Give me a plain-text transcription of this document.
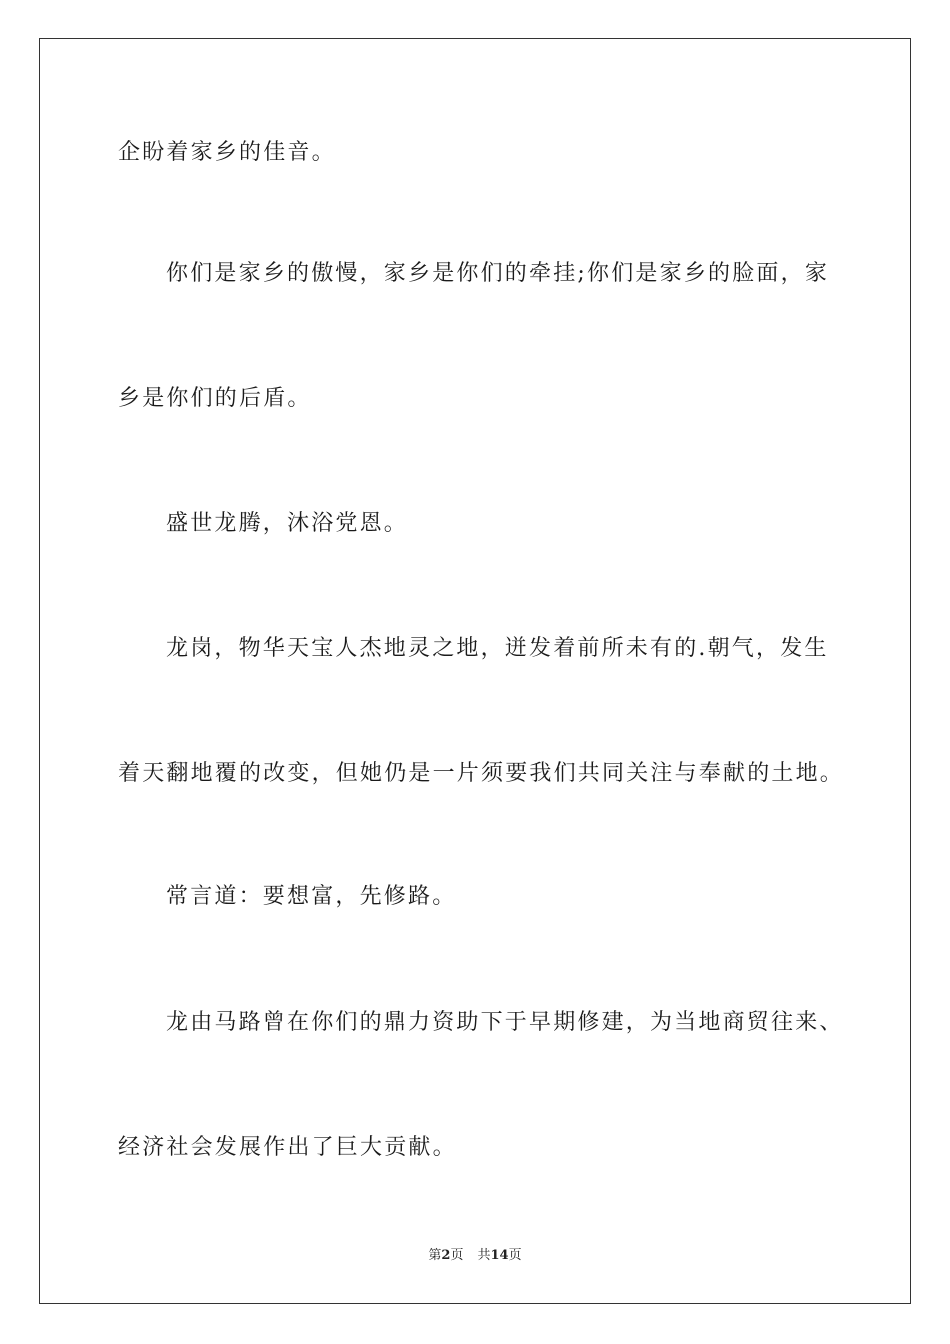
企盼着家乡的佳音。
你们是家乡的傲慢，家乡是你们的牵挂;你们是家乡的脸面，家
乡是你们的后盾。
盛世龙腾，沐浴党恩。
龙岗，物华天宝人杰地灵之地，迸发着前所未有的.朝气，发生
着天翻地覆的改变，但她仍是一片须要我们共同关注与奉献的土地。
常言道：要想富，先修路。
龙由马路曾在你们的鼎力资助下于早期修建，为当地商贸往来、
经济社会发展作出了巨大贡献。
第2页 共14页
